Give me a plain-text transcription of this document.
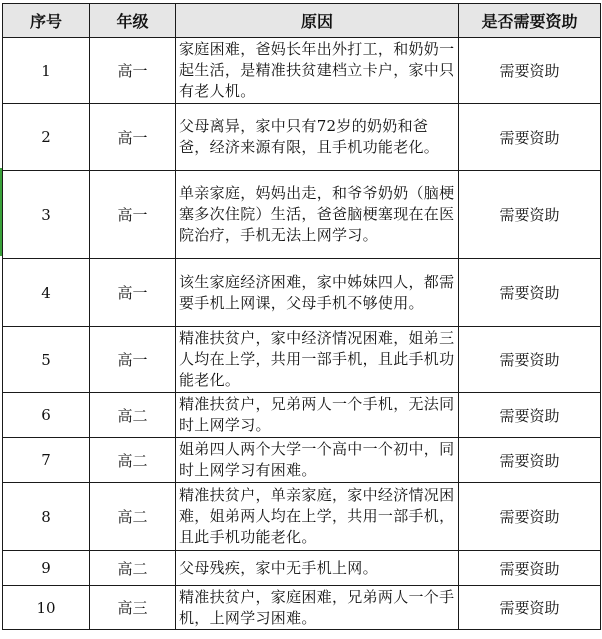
序号	年级	原因	是否需要资助
1	高一	家庭困难，爸妈长年出外打工，和奶奶一起生活，是精准扶贫建档立卡户，家中只有老人机。	需要资助
2	高一	父母离异，家中只有72岁的奶奶和爸爸，经济来源有限，且手机功能老化。	需要资助
3	高一	单亲家庭，妈妈出走，和爷爷奶奶（脑梗塞多次住院）生活，爸爸脑梗塞现在在医院治疗，手机无法上网学习。	需要资助
4	高一	该生家庭经济困难，家中姊妹四人，都需要手机上网课，父母手机不够使用。	需要资助
5	高一	精准扶贫户，家中经济情况困难，姐弟三人均在上学，共用一部手机，且此手机功能老化。	需要资助
6	高二	精准扶贫户，兄弟两人一个手机，无法同时上网学习。	需要资助
7	高二	姐弟四人两个大学一个高中一个初中，同时上网学习有困难。	需要资助
8	高二	精准扶贫户，单亲家庭，家中经济情况困难，姐弟两人均在上学，共用一部手机，且此手机功能老化。	需要资助
9	高二	父母残疾，家中无手机上网。	需要资助
10	高三	精准扶贫户，家庭困难，兄弟两人一个手机，上网学习困难。	需要资助
